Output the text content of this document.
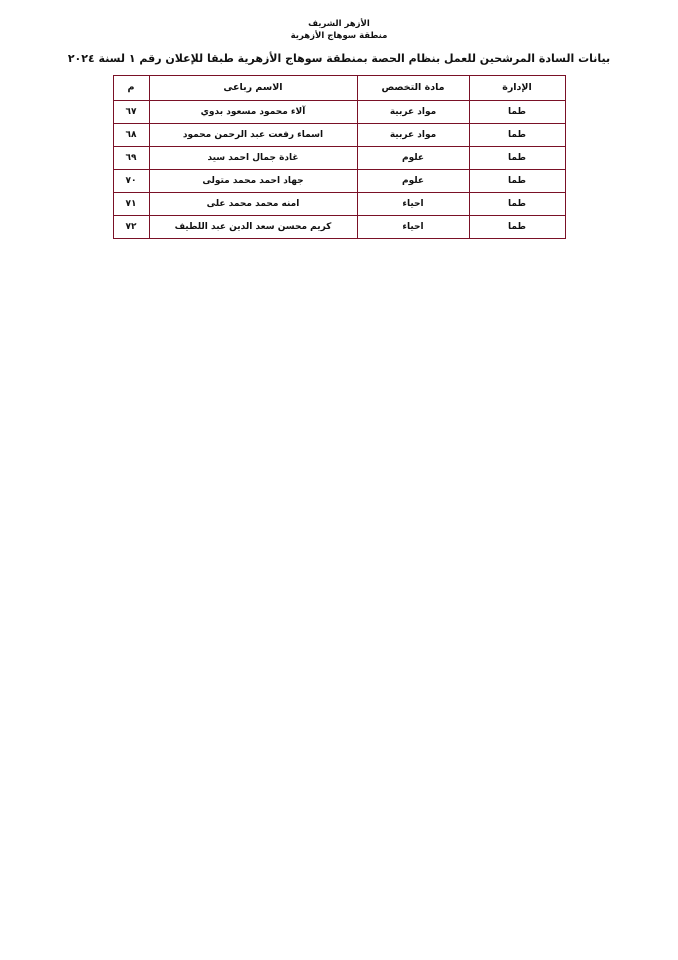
الأزهر الشريف
منطقة سوهاج الأزهرية
بيانات السادة المرشحين للعمل بنظام الحصة بمنطقة سوهاج الأزهرية طبقا للإعلان رقم ١ لسنة ٢٠٢٤
الإدارة	مادة التخصص	الاسم رباعى	م
طما	مواد عربية	آلاء محمود مسعود بدوي	٦٧
طما	مواد عربية	اسماء رفعت عبد الرحمن محمود	٦٨
طما	علوم	غادة جمال احمد سيد	٦٩
طما	علوم	جهاد احمد محمد متولى	٧٠
طما	احياء	امنه محمد محمد على	٧١
طما	احياء	كريم محسن سعد الدين عبد اللطيف	٧٢
